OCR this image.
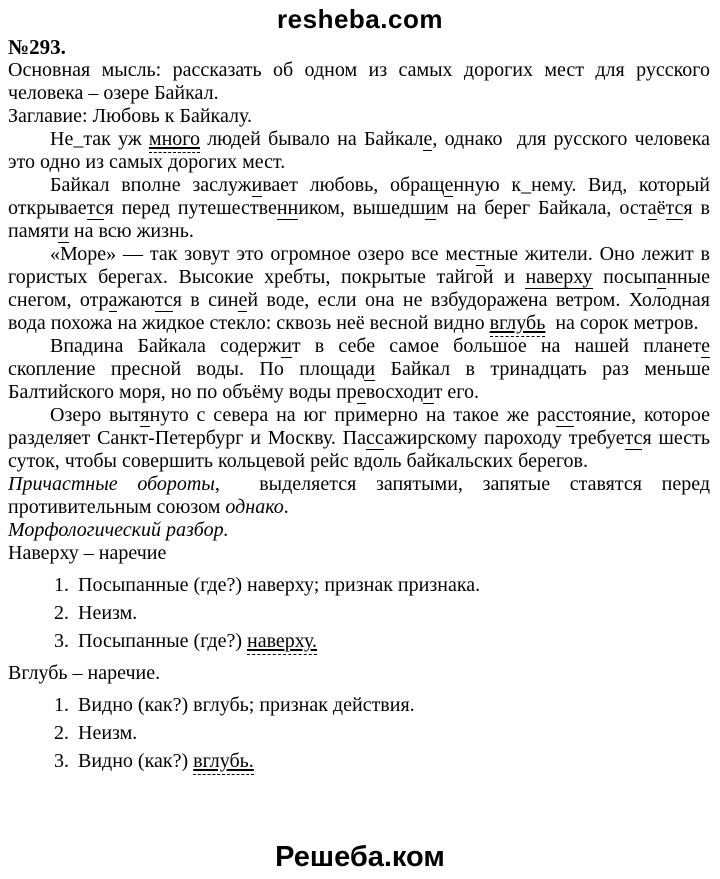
resheba.com
№293.

Основная мысль: рассказать об одном из самых дорогих мест для русского человека – озере Байкал.

Заглавие: Любовь к Байкалу.

Не_так уж много людей бывало на Байкале, однако  для русского человека это одно из самых дорогих мест.

Байкал вполне заслуживает любовь, обращенную к_нему. Вид, который открывается перед путешественником, вышедшим на берег Байкала, остаётся в памяти на всю жизнь.

«Море» — так зовут это огромное озеро все местные жители. Оно лежит в гористых берегах. Высокие хребты, покрытые тайгой и наверху посыпанные снегом, отражаются в синей воде, если она не взбудоражена ветром. Холодная вода похожа на жидкое стекло: сквозь неё весной видно вглубь  на сорок метров.

Впадина Байкала содержит в себе самое большое на нашей планете скопление пресной воды. По площади Байкал в тринадцать раз меньше Балтийского моря, но по объёму воды превосходит его.

Озеро вытянуто с севера на юг примерно на такое же расстояние, которое разделяет Санкт-Петербург и Москву. Пассажирскому пароходу требуется шесть суток, чтобы совершить кольцевой рейс вдоль байкальских берегов.

Причастные обороты,  выделяется запятыми, запятые ставятся перед противительным союзом однако.

Морфологический разбор.

Наверху – наречие

1. Посыпанные (где?) наверху; признак признака.
2. Неизм.
3. Посыпанные (где?) наверху.

Вглубь – наречие.

1. Видно (как?) вглубь; признак действия.
2. Неизм.
3. Видно (как?) вглубь.
Решеба.ком
